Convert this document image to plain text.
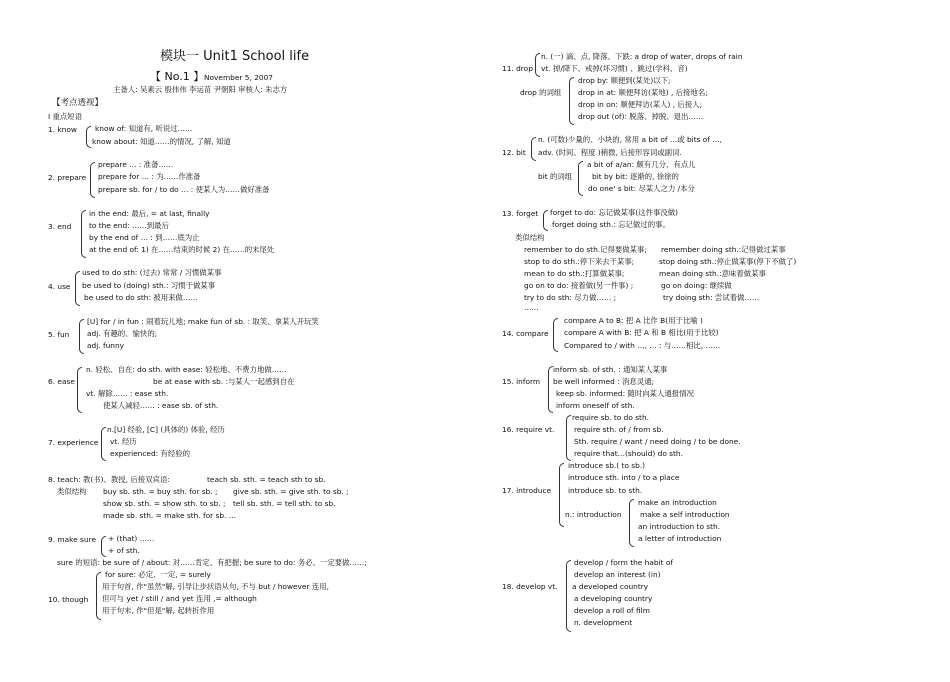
模块一 Unit1 School life
【 No.1 】 November 5, 2007
主备人: 吴素云 殷伟伟 李运苗 尹朝阳 审核人: 朱志方
【考点透视】
Ⅰ 重点短语
1. know know of: 知道有, 听说过……
know about: 知道……的情况, 了解, 知道
2. prepare
prepare … : 准备……
prepare for … : 为……作准备
prepare sb. for / to do … : 使某人为……做好准备
3. end
in the end: 最后, = at last, finally
to the end: ……到最后
by the end of … : 到……底为止
at the end of: 1) 在……结束的时候 2) 在……的末尾处
4. use
used to do sth: (过去) 常常 / 习惯做某事
be used to (doing) sth.: 习惯于做某事
be used to do sth: 被用来做……
5. fun
[U] for / in fun : 闹着玩儿地; make fun of sb. : 取笑、拿某人开玩笑
adj. 有趣的、愉快的;
adj. funny
6. ease
n. 轻松、自在: do sth. with ease: 轻松地、不费力地做……
be at ease with sb. :与某人一起感到自在
vt. 解除…… : ease sth.
使某人减轻…… : ease sb. of sth.
7. experience
n.[U] 经验, [C] (具体的) 体验, 经历
vt. 经历
experienced: 有经验的
8. teach: 教(书)、教授, 后接双宾语:	teach sb. sth. = teach sth to sb.
类似结构 buy sb. sth. = buy sth. for sb. ; give sb. sth. = give sth. to sb. ;
show sb. sth. = show sth. to sb. ; tell sb. sth. = tell sth. to sb.
made sb. sth. = make sth. for sb. …
9. make sure + (that) ……
+ of sth.
sure 的短语: be sure of / about: 对……肯定、有把握; be sure to do: 务必、一定要做……;
10. though
for sure: 必定、一定, = surely
用于句首, 作"虽然"解, 引导让步状语从句, 不与 but / however 连用,
但可与 yet / still / and yet 连用 ,= although
用于句末, 作"但是"解, 起转折作用
11. drop
n. (一) 滴、点, 降落、下跌: a drop of water, drops of rain
vt. 掉/降下、戒掉(坏习惯) 、跳过(学科、音)
drop 的词组
drop by: 顺便到(某处)以下;
drop in at: 顺便拜访(某地) , 后接地名;
drop in on: 顺便拜访(某人) , 后接人;
drop out (of): 脱落、掉脱、退出……
12. bit
n. (可数)少量的、小块的, 常用 a bit of …或 bits of …,
adv. (时间、程度 )稍微, 后接形容词或副词.
bit 的词组
a bit of a/an: 颇有几分、有点儿
bit by bit: 逐渐的, 徐徐的
do one' s bit: 尽某人之力 /本分
13. forget forget to do: 忘记做某事(这件事没做)
forget doing sth.: 忘记做过的事。
类似结构
remember to do sth.记得要做某事; remember doing sth.:记得做过某事
stop to do sth.:停下来去干某事;	stop doing sth.:停止做某事(停下不做了)
mean to do sth.:打算做某事;	mean doing sth.:意味着做某事
go on to do: 接着做(另一件事) ;	go on doing: 继续做
try to do sth: 尽力做…… ;	try doing sth: 尝试着做……
……
14. compare
compare A to B: 把 A 比作 B(用于比喻 )
compare A with B: 把 A 和 B 相比(用于比较)
Compared to / with …, … : 与……相比, ……
15. inform
inform sb. of sth. : 通知某人某事
be well informed : 消息灵通;
keep sb. informed: 随时向某人通报情况
inform oneself of sth.
16. require vt.
require sb. to do sth.
require sth. of / from sb.
Sth. require / want / need doing / to be done.
require that…(should) do sth.
17. introduce
introduce sb.( to sb.)
introduce sth. into / to a place
introduce sb. to sth.
n.: introduction
make an introduction
make a self introduction
an introduction to sth.
a letter of introduction
18. develop vt.
develop / form the habit of
develop an interest (in)
a developed country
a developing country
develop a roll of film
n. development
